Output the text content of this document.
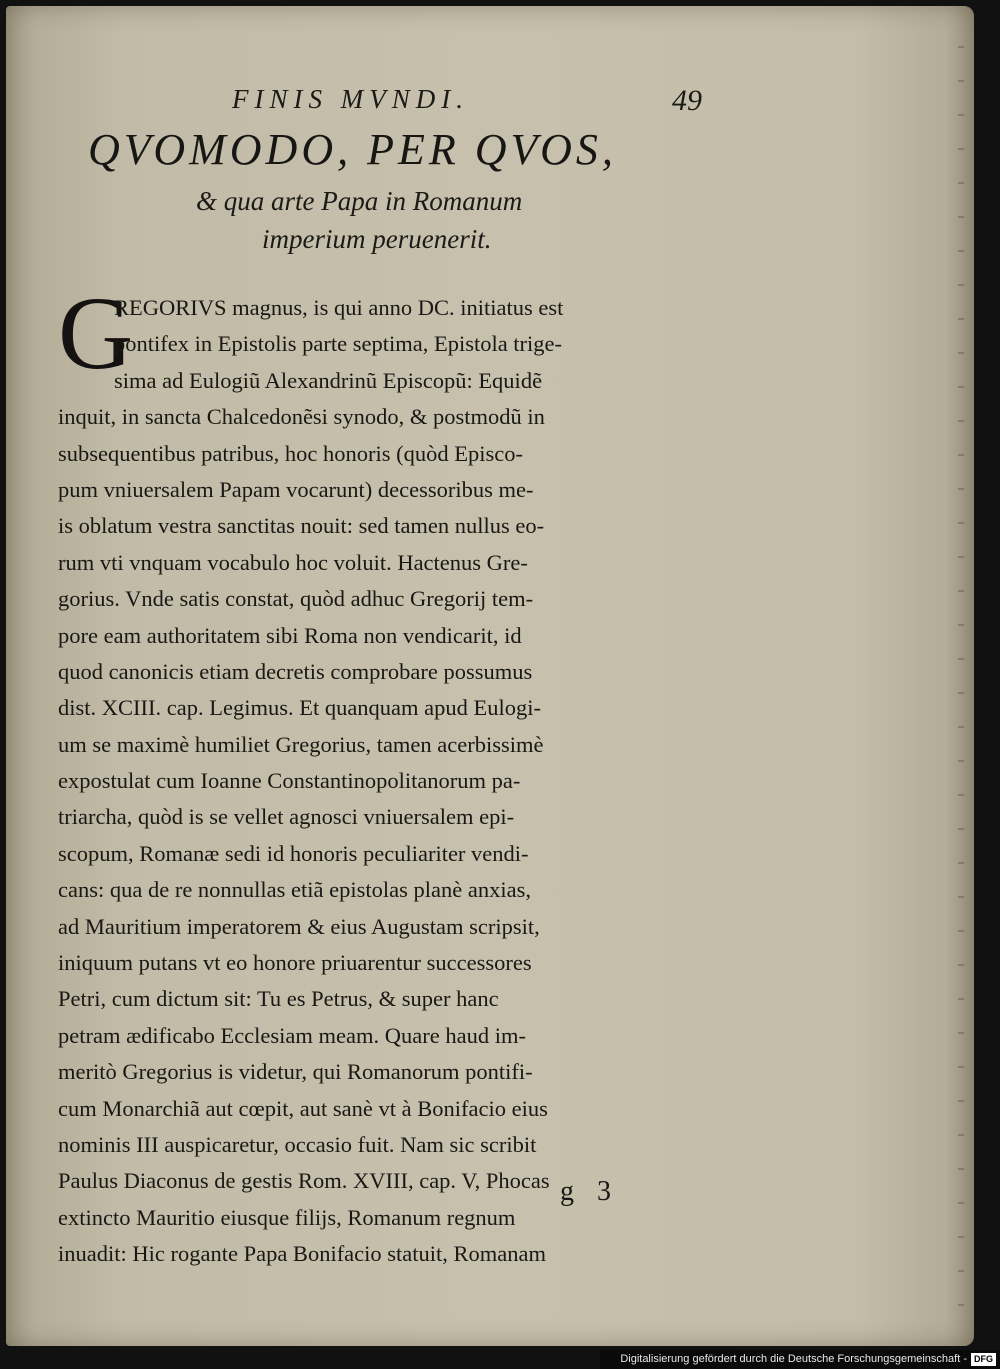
FINIS MVNDI.	49
QVOMODO, PER QVOS,
& qua arte Papa in Romanum
imperium peruenerit.
G
REGORIVS magnus, is qui anno DC. initiatus est
pontifex in Epistolis parte septima, Epistola trige-
sima ad Eulogiũ Alexandrinũ Episcopũ: Equidẽ
inquit, in sancta Chalcedonẽsi synodo, & postmodũ in
subsequentibus patribus, hoc honoris (quòd Episco-
pum vniuersalem Papam vocarunt) decessoribus me-
is oblatum vestra sanctitas nouit: sed tamen nullus eo-
rum vti vnquam vocabulo hoc voluit. Hactenus Gre-
gorius. Vnde satis constat, quòd adhuc Gregorij tem-
pore eam authoritatem sibi Roma non vendicarit, id
quod canonicis etiam decretis comprobare possumus
dist. XCIII. cap. Legimus. Et quanquam apud Eulogi-
um se maximè humiliet Gregorius, tamen acerbissimè
expostulat cum Ioanne Constantinopolitanorum pa-
triarcha, quòd is se vellet agnosci vniuersalem epi-
scopum, Romanæ sedi id honoris peculiariter vendi-
cans: qua de re nonnullas etiã epistolas planè anxias,
ad Mauritium imperatorem & eius Augustam scripsit,
iniquum putans vt eo honore priuarentur successores
Petri, cum dictum sit: Tu es Petrus, & super hanc
petram ædificabo Ecclesiam meam. Quare haud im-
meritò Gregorius is videtur, qui Romanorum pontifi-
cum Monarchiã aut cœpit, aut sanè vt à Bonifacio eius
nominis III auspicaretur, occasio fuit. Nam sic scribit
Paulus Diaconus de gestis Rom. XVIII, cap. V, Phocas
extincto Mauritio eiusque filijs, Romanum regnum
inuadit: Hic rogante Papa Bonifacio statuit, Romanam
g 3
Digitalisierung gefördert durch die Deutsche Forschungsgemeinschaft - DFG
